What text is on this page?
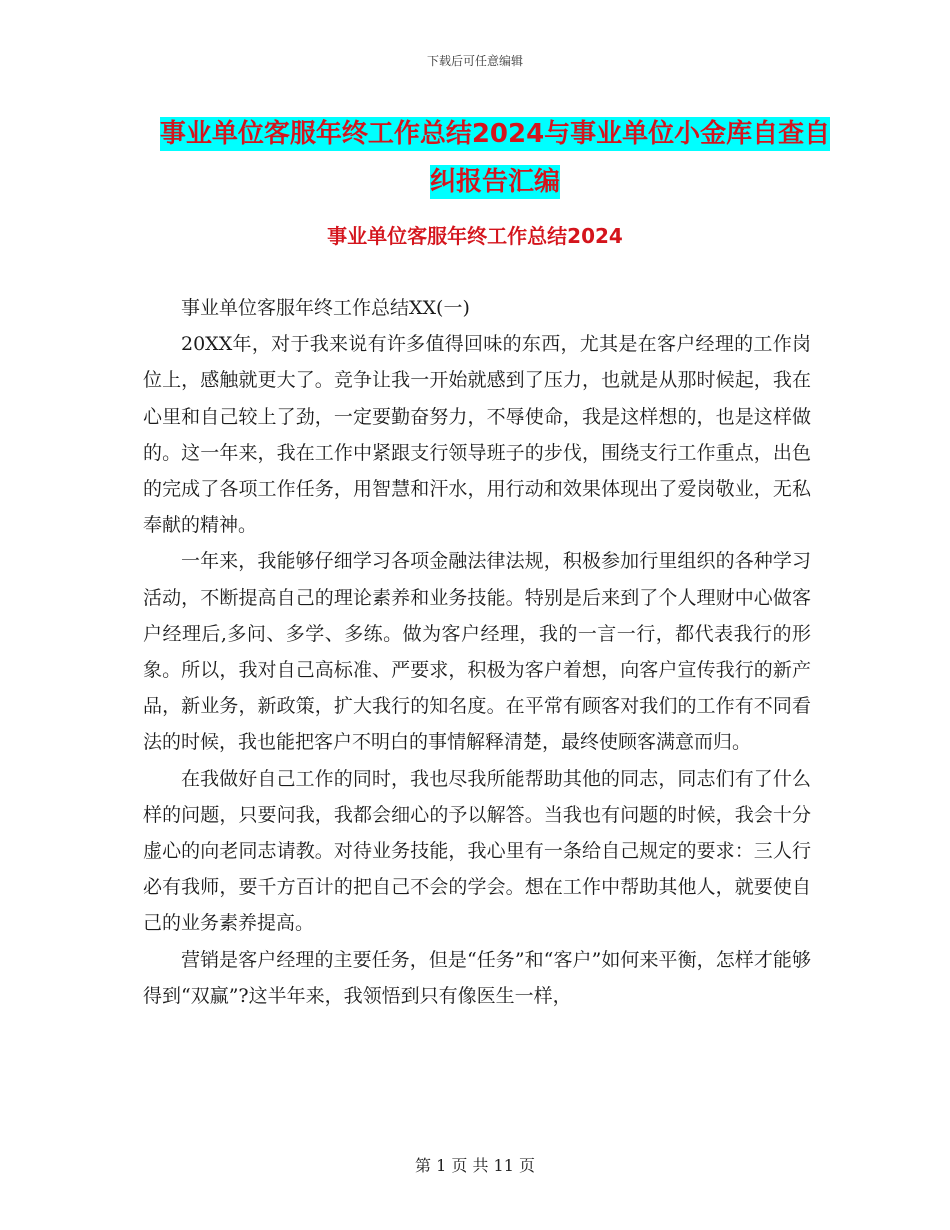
下载后可任意编辑
事业单位客服年终工作总结2024与事业单位小金库自查自纠报告汇编
事业单位客服年终工作总结2024

事业单位客服年终工作总结XX(一)

20XX年，对于我来说有许多值得回味的东西，尤其是在客户经理的工作岗位上，感触就更大了。竞争让我一开始就感到了压力，也就是从那时候起，我在心里和自己较上了劲，一定要勤奋努力，不辱使命，我是这样想的，也是这样做的。这一年来，我在工作中紧跟支行领导班子的步伐，围绕支行工作重点，出色的完成了各项工作任务，用智慧和汗水，用行动和效果体现出了爱岗敬业，无私奉献的精神。

一年来，我能够仔细学习各项金融法律法规，积极参加行里组织的各种学习活动，不断提高自己的理论素养和业务技能。特别是后来到了个人理财中心做客户经理后,多问、多学、多练。做为客户经理，我的一言一行，都代表我行的形象。所以，我对自己高标准、严要求，积极为客户着想，向客户宣传我行的新产品，新业务，新政策，扩大我行的知名度。在平常有顾客对我们的工作有不同看法的时候，我也能把客户不明白的事情解释清楚，最终使顾客满意而归。

在我做好自己工作的同时，我也尽我所能帮助其他的同志，同志们有了什么样的问题，只要问我，我都会细心的予以解答。当我也有问题的时候，我会十分虚心的向老同志请教。对待业务技能，我心里有一条给自己规定的要求：三人行必有我师，要千方百计的把自己不会的学会。想在工作中帮助其他人，就要使自己的业务素养提高。

营销是客户经理的主要任务，但是“任务”和“客户”如何来平衡，怎样才能够得到“双赢”?这半年来，我领悟到只有像医生一样，

第 1 页 共 11 页
